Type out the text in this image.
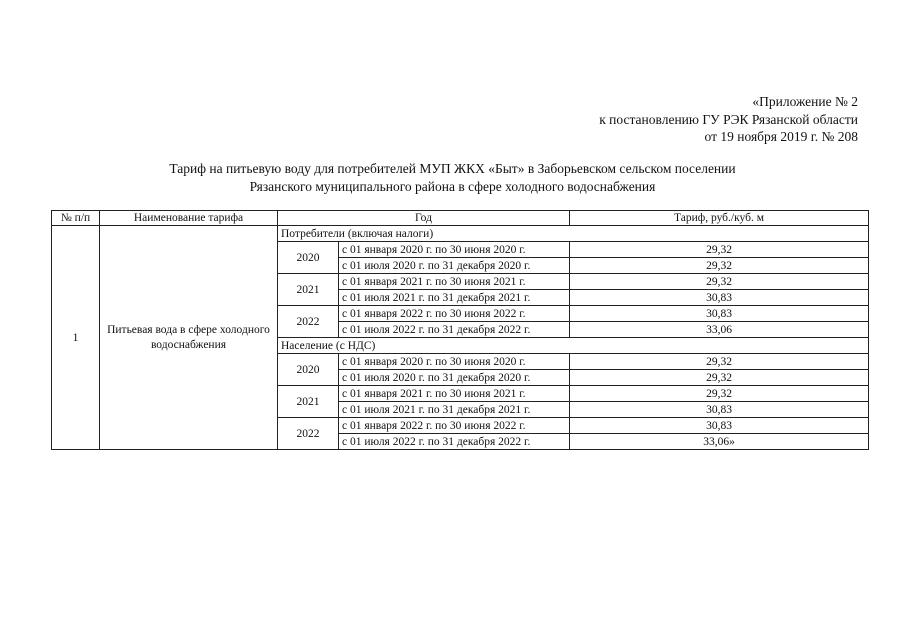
«Приложение № 2
к постановлению ГУ РЭК Рязанской области
от 19 ноября 2019 г. № 208
Тариф на питьевую воду для потребителей МУП ЖКХ «Быт» в Заборьевском сельском поселении
Рязанского муниципального района в сфере холодного водоснабжения
№ п/п	Наименование тарифа	Год		Тариф, руб./куб. м
1	Питьевая вода в сфере холодного водоснабжения	Потребители (включая налоги)		
		2020	с 01 января 2020 г. по 30 июня 2020 г.	29,32
			с 01 июля 2020 г. по 31 декабря 2020 г.	29,32
		2021	с 01 января 2021 г. по 30 июня 2021 г.	29,32
			с 01 июля 2021 г. по 31 декабря 2021 г.	30,83
		2022	с 01 января 2022 г. по 30 июня 2022 г.	30,83
			с 01 июля 2022 г. по 31 декабря 2022 г.	33,06
		Население (с НДС)		
		2020	с 01 января 2020 г. по 30 июня 2020 г.	29,32
			с 01 июля 2020 г. по 31 декабря 2020 г.	29,32
		2021	с 01 января 2021 г. по 30 июня 2021 г.	29,32
			с 01 июля 2021 г. по 31 декабря 2021 г.	30,83
		2022	с 01 января 2022 г. по 30 июня 2022 г.	30,83
			с 01 июля 2022 г. по 31 декабря 2022 г.	33,06»
